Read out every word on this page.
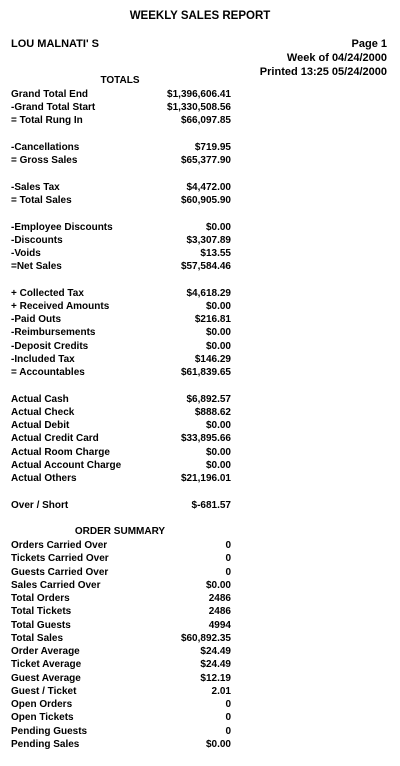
WEEKLY SALES REPORT
LOU MALNATI' S	Page 1
Week of 04/24/2000
Printed 13:25 05/24/2000
TOTALS
Grand Total End	$1,396,606.41
-Grand Total Start	$1,330,508.56
= Total Rung In	$66,097.85
-Cancellations	$719.95
= Gross Sales	$65,377.90
-Sales Tax	$4,472.00
= Total Sales	$60,905.90
-Employee Discounts	$0.00
-Discounts	$3,307.89
-Voids	$13.55
=Net Sales	$57,584.46
+ Collected Tax	$4,618.29
+ Received Amounts	$0.00
-Paid Outs	$216.81
-Reimbursements	$0.00
-Deposit Credits	$0.00
-Included Tax	$146.29
= Accountables	$61,839.65
Actual Cash	$6,892.57
Actual Check	$888.62
Actual Debit	$0.00
Actual Credit Card	$33,895.66
Actual Room Charge	$0.00
Actual Account Charge	$0.00
Actual Others	$21,196.01
Over / Short	$-681.57
ORDER SUMMARY
Orders Carried Over	0
Tickets Carried Over	0
Guests Carried Over	0
Sales Carried Over	$0.00
Total Orders	2486
Total Tickets	2486
Total Guests	4994
Total Sales	$60,892.35
Order Average	$24.49
Ticket Average	$24.49
Guest Average	$12.19
Guest / Ticket	2.01
Open Orders	0
Open Tickets	0
Pending Guests	0
Pending Sales	$0.00
